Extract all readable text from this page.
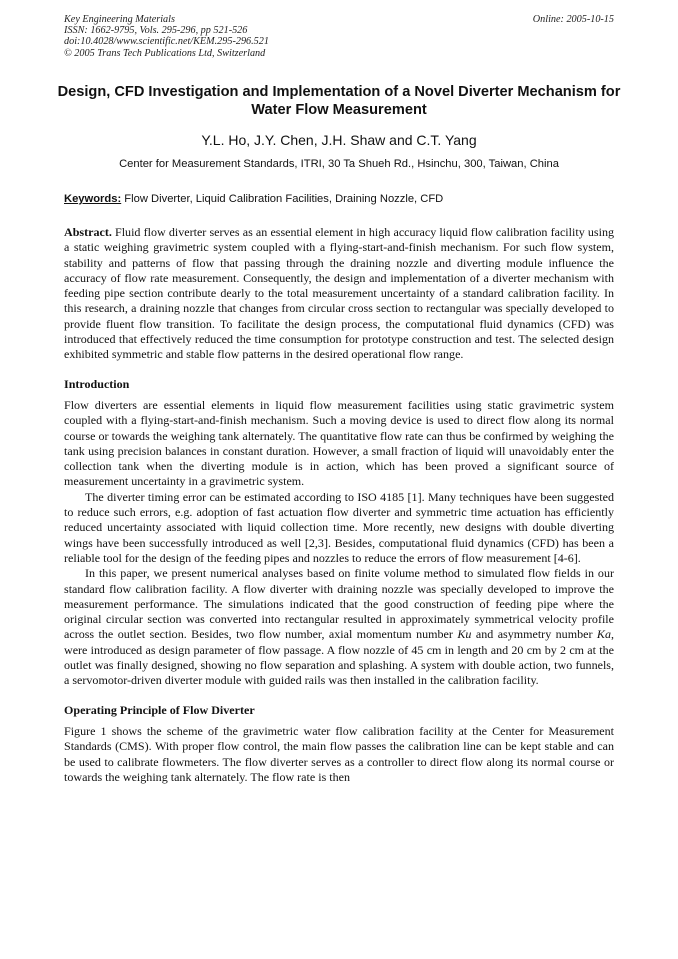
Key Engineering Materials
ISSN: 1662-9795, Vols. 295-296, pp 521-526
doi:10.4028/www.scientific.net/KEM.295-296.521
© 2005 Trans Tech Publications Ltd, Switzerland
Online: 2005-10-15
Design, CFD Investigation and Implementation of a Novel Diverter Mechanism for Water Flow Measurement
Y.L. Ho, J.Y. Chen, J.H. Shaw and C.T. Yang
Center for Measurement Standards, ITRI, 30 Ta Shueh Rd., Hsinchu, 300, Taiwan, China
Keywords: Flow Diverter, Liquid Calibration Facilities, Draining Nozzle, CFD

Abstract. Fluid flow diverter serves as an essential element in high accuracy liquid flow calibration facility using a static weighing gravimetric system coupled with a flying-start-and-finish mechanism. For such flow system, stability and patterns of flow that passing through the draining nozzle and diverting module influence the accuracy of flow rate measurement. Consequently, the design and implementation of a diverter mechanism with feeding pipe section contribute dearly to the total measurement uncertainty of a standard calibration facility. In this research, a draining nozzle that changes from circular cross section to rectangular was specially developed to provide fluent flow transition. To facilitate the design process, the computational fluid dynamics (CFD) was introduced that effectively reduced the time consumption for prototype construction and test. The selected design exhibited symmetric and stable flow patterns in the desired operational flow range.

Introduction

Flow diverters are essential elements in liquid flow measurement facilities using static gravimetric system coupled with a flying-start-and-finish mechanism. Such a moving device is used to direct flow along its normal course or towards the weighing tank alternately. The quantitative flow rate can thus be confirmed by weighing the tank using precision balances in constant duration. However, a small fraction of liquid will unavoidably enter the collection tank when the diverting module is in action, which has been proved a significant source of measurement uncertainty in a gravimetric system.

The diverter timing error can be estimated according to ISO 4185 [1]. Many techniques have been suggested to reduce such errors, e.g. adoption of fast actuation flow diverter and symmetric time actuation has efficiently reduced uncertainty associated with liquid collection time. More recently, new designs with double diverting wings have been successfully introduced as well [2,3]. Besides, computational fluid dynamics (CFD) has been a reliable tool for the design of the feeding pipes and nozzles to reduce the errors of flow measurement [4-6].

In this paper, we present numerical analyses based on finite volume method to simulated flow fields in our standard flow calibration facility. A flow diverter with draining nozzle was specially developed to improve the measurement performance. The simulations indicated that the good construction of feeding pipe where the original circular section was converted into rectangular resulted in approximately symmetrical velocity profile across the outlet section. Besides, two flow number, axial momentum number Ku and asymmetry number Ka, were introduced as design parameter of flow passage. A flow nozzle of 45 cm in length and 20 cm by 2 cm at the outlet was finally designed, showing no flow separation and splashing. A system with double action, two funnels, a servomotor-driven diverter module with guided rails was then installed in the calibration facility.

Operating Principle of Flow Diverter

Figure 1 shows the scheme of the gravimetric water flow calibration facility at the Center for Measurement Standards (CMS). With proper flow control, the main flow passes the calibration line can be kept stable and can be used to calibrate flowmeters. The flow diverter serves as a controller to direct flow along its normal course or towards the weighing tank alternately. The flow rate is then
